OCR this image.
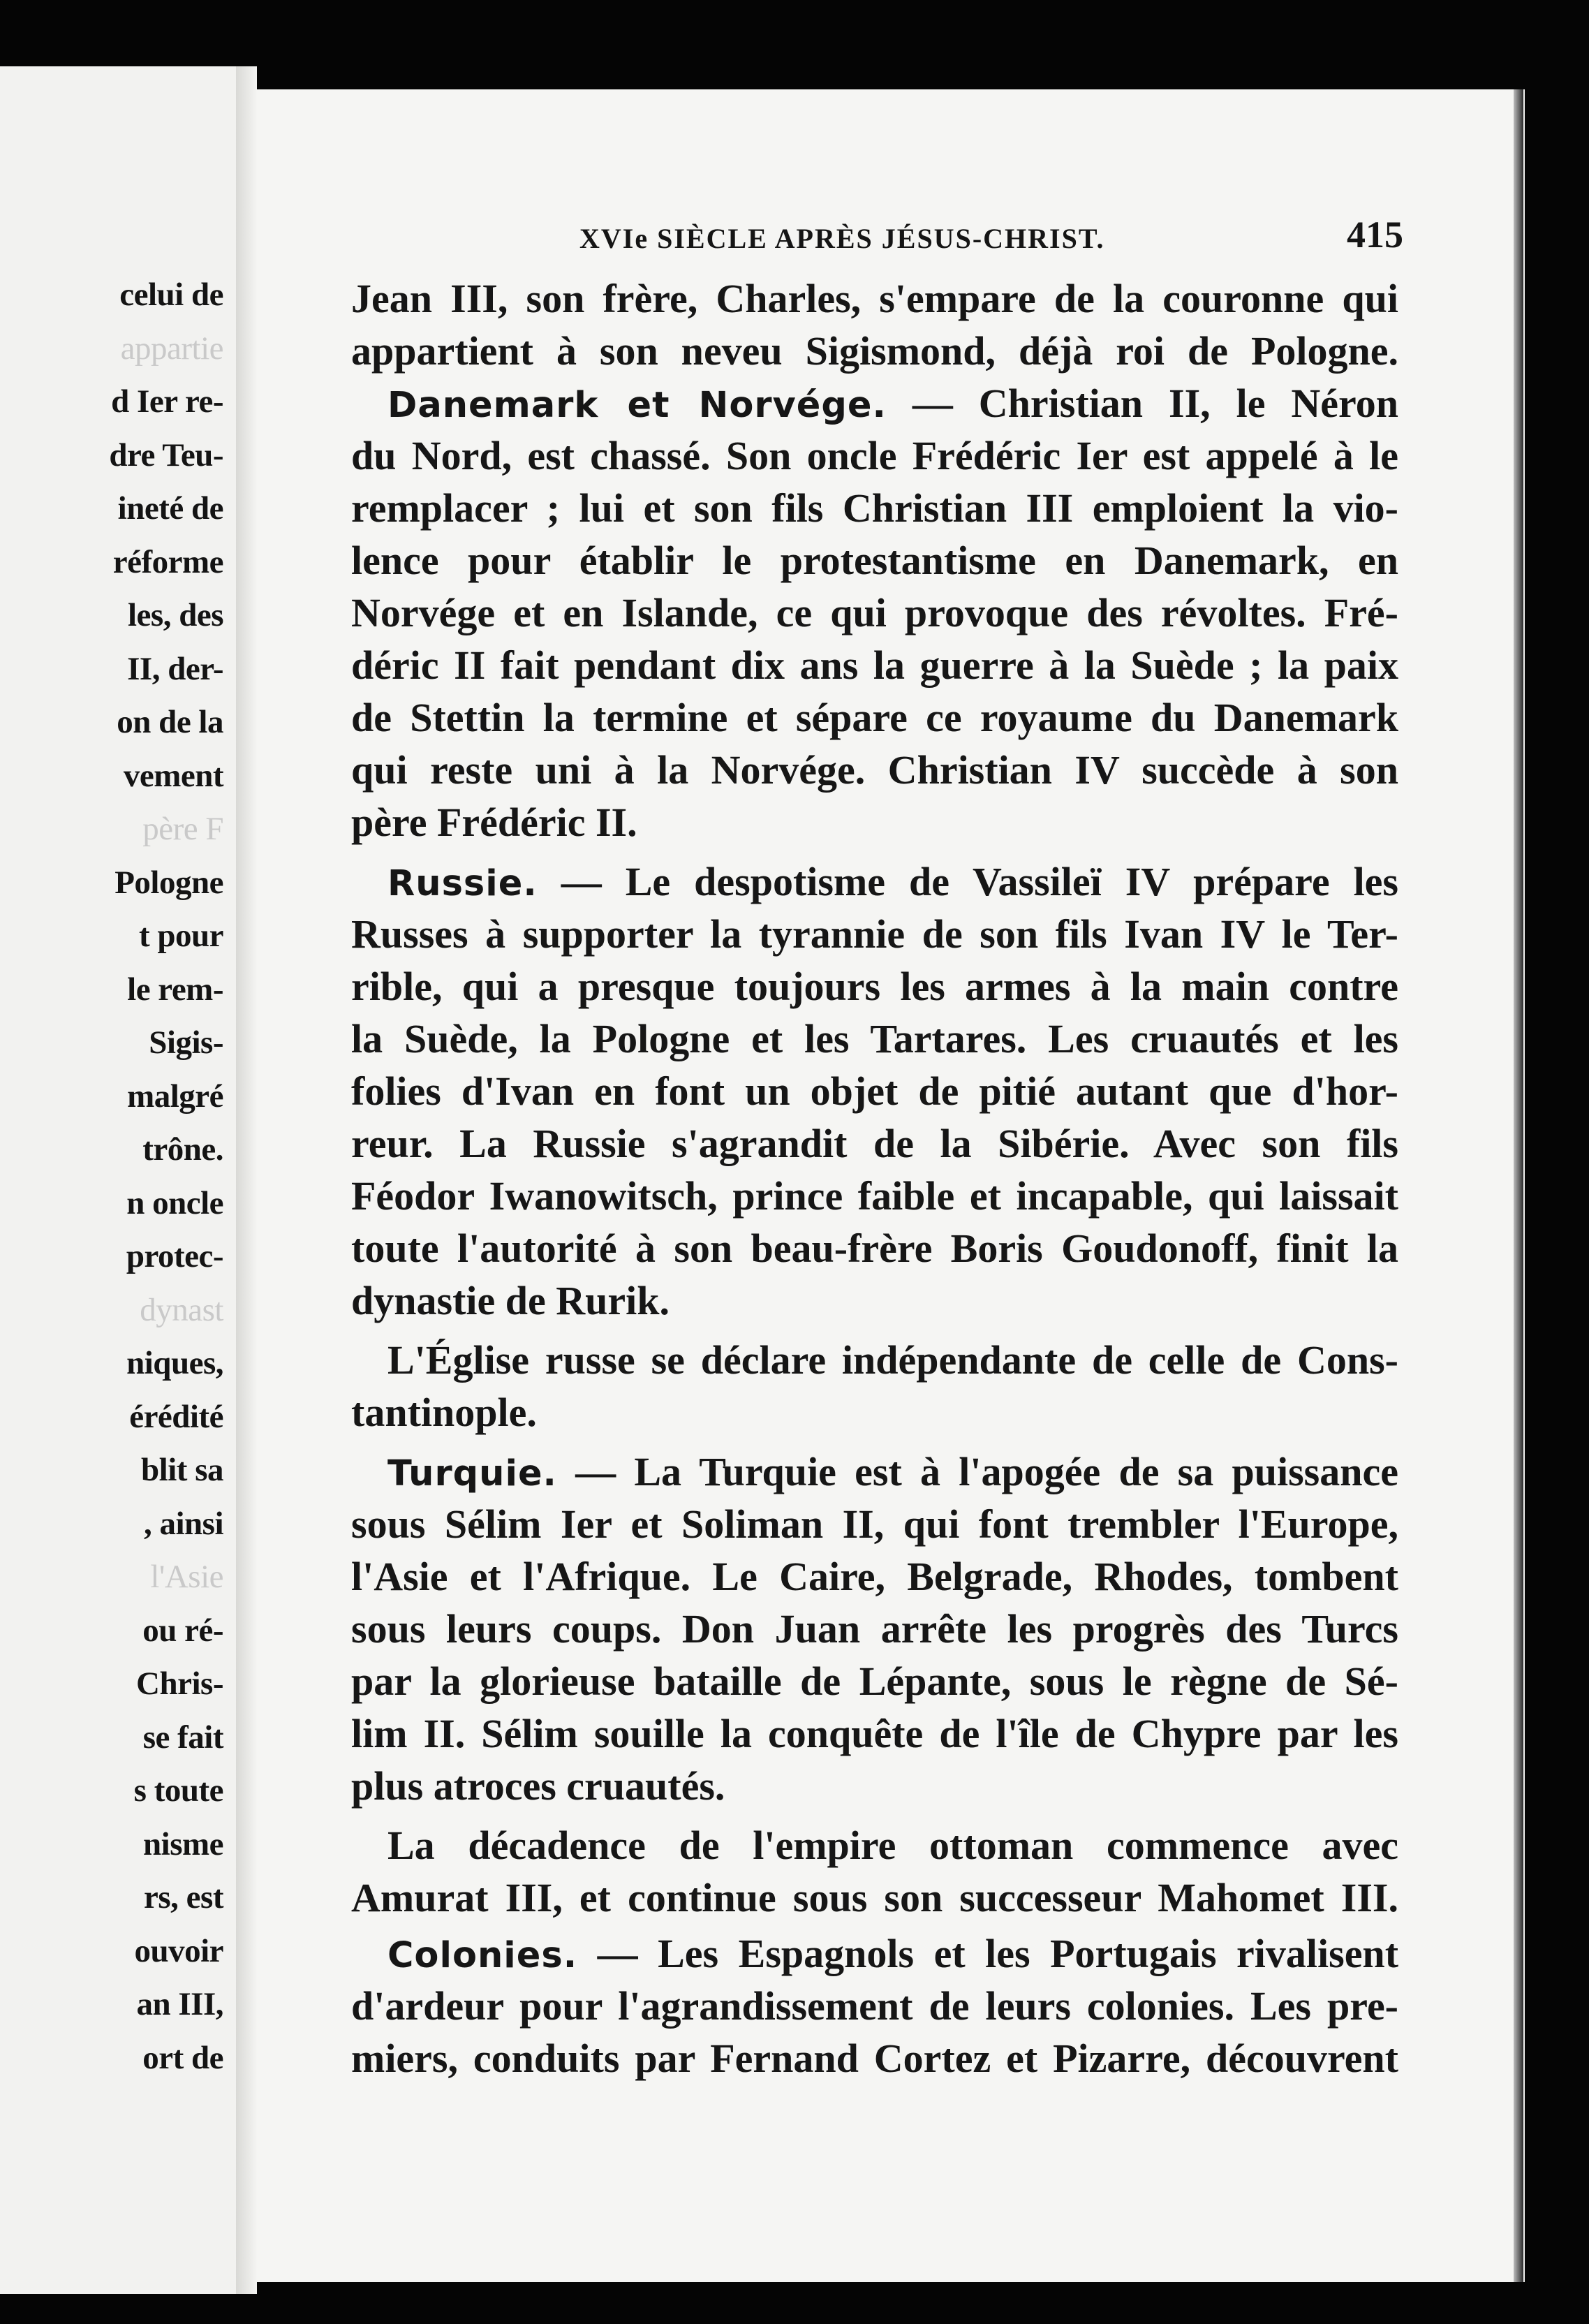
celui de
appartie
d Ier re-
dre Teu-
ineté de
réforme
les, des
II, der-
on de la
vement
père F
Pologne
t pour
le rem-
Sigis-
malgré
trône.
n oncle
protec-
dynast
niques,
érédité
blit sa
, ainsi
l'Asie
ou ré-
Chris-
se fait
s toute
nisme
rs, est
ouvoir
an III,
ort de
XVIe SIÈCLE APRÈS JÉSUS-CHRIST.	415
Jean III, son frère, Charles, s'empare de la couronne qui
appartient à son neveu Sigismond, déjà roi de Pologne.
Danemark et Norvége. — Christian II, le Néron
du Nord, est chassé. Son oncle Frédéric Ier est appelé à le
remplacer ; lui et son fils Christian III emploient la vio-
lence pour établir le protestantisme en Danemark, en
Norvége et en Islande, ce qui provoque des révoltes. Fré-
déric II fait pendant dix ans la guerre à la Suède ; la paix
de Stettin la termine et sépare ce royaume du Danemark
qui reste uni à la Norvége. Christian IV succède à son
père Frédéric II.
Russie. — Le despotisme de Vassileï IV prépare les
Russes à supporter la tyrannie de son fils Ivan IV le Ter-
rible, qui a presque toujours les armes à la main contre
la Suède, la Pologne et les Tartares. Les cruautés et les
folies d'Ivan en font un objet de pitié autant que d'hor-
reur. La Russie s'agrandit de la Sibérie. Avec son fils
Féodor Iwanowitsch, prince faible et incapable, qui laissait
toute l'autorité à son beau-frère Boris Goudonoff, finit la
dynastie de Rurik.
L'Église russe se déclare indépendante de celle de Cons-
tantinople.
Turquie. — La Turquie est à l'apogée de sa puissance
sous Sélim Ier et Soliman II, qui font trembler l'Europe,
l'Asie et l'Afrique. Le Caire, Belgrade, Rhodes, tombent
sous leurs coups. Don Juan arrête les progrès des Turcs
par la glorieuse bataille de Lépante, sous le règne de Sé-
lim II. Sélim souille la conquête de l'île de Chypre par les
plus atroces cruautés.
La décadence de l'empire ottoman commence avec
Amurat III, et continue sous son successeur Mahomet III.
Colonies. — Les Espagnols et les Portugais rivalisent
d'ardeur pour l'agrandissement de leurs colonies. Les pre-
miers, conduits par Fernand Cortez et Pizarre, découvrent
